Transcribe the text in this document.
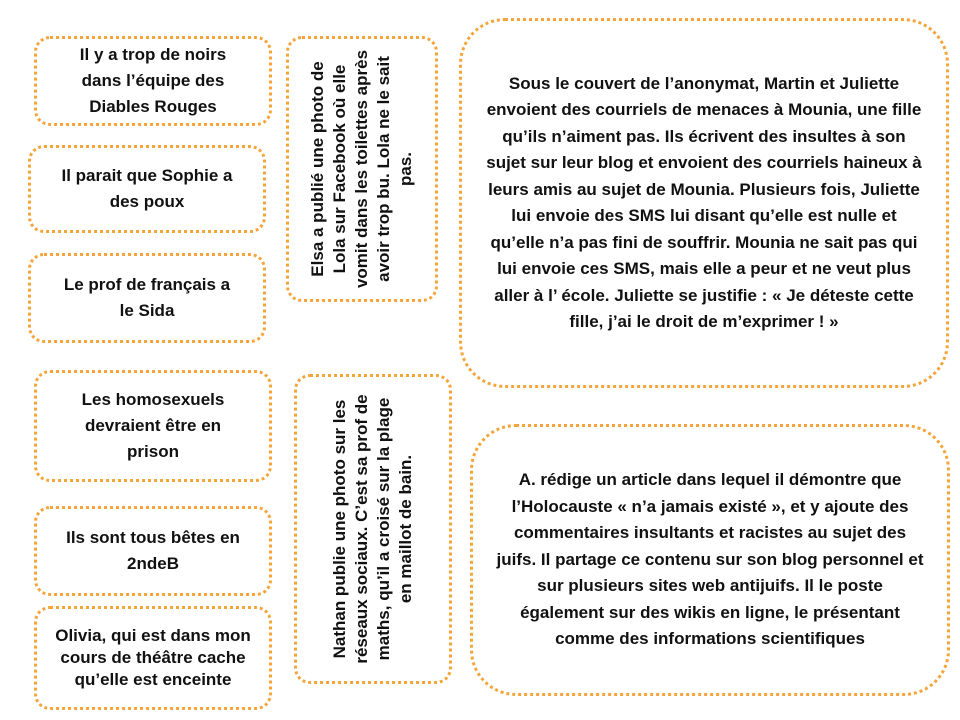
Il y a trop de noirs dans l’équipe des Diables Rouges
Il parait que Sophie a des poux
Le prof de français a le Sida
Les homosexuels devraient être en prison
Ils sont tous bêtes en 2ndeB
Olivia, qui est dans mon cours de théâtre cache qu’elle est enceinte
Elsa a publié une photo de Lola sur Facebook où elle vomit dans les toilettes après avoir trop bu. Lola ne le sait pas.
Nathan publie une photo sur les réseaux sociaux. C’est sa prof de maths, qu’il a croisé sur la plage en maillot de bain.
Sous le couvert de l’anonymat, Martin et Juliette envoient des courriels de menaces à Mounia, une fille qu’ils n’aiment pas. Ils écrivent des insultes à son sujet sur leur blog et envoient des courriels haineux à leurs amis au sujet de Mounia. Plusieurs fois, Juliette lui envoie des SMS lui disant qu’elle est nulle et qu’elle n’a pas fini de souffrir. Mounia ne sait pas qui lui envoie ces SMS, mais elle a peur et ne veut plus aller à l’ école. Juliette se justifie : « Je déteste cette fille, j’ai le droit de m’exprimer ! »
A. rédige un article dans lequel il démontre que l’Holocauste « n’a jamais existé », et y ajoute des commentaires insultants et racistes au sujet des juifs. Il partage ce contenu sur son blog personnel et sur plusieurs sites web antijuifs. Il le poste également sur des wikis en ligne, le présentant comme des informations scientifiques
